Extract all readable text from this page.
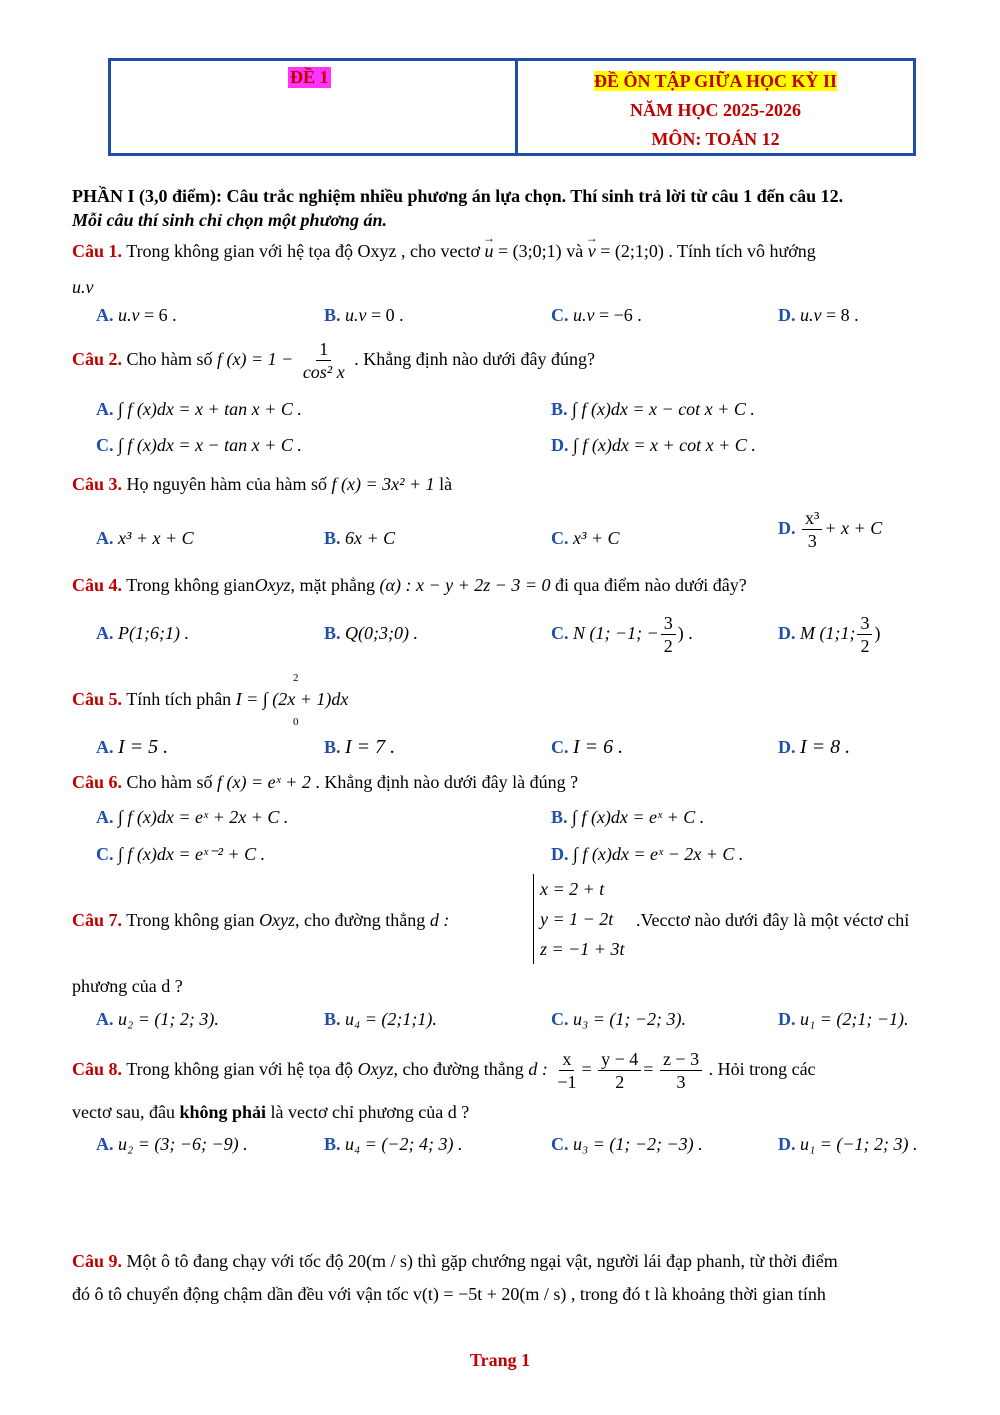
ĐỀ 1	ĐỀ ÔN TẬP GIỮA HỌC KỲ II
NĂM HỌC 2025-2026
MÔN: TOÁN 12
PHẦN I (3,0 điểm): Câu trắc nghiệm nhiều phương án lựa chọn. Thí sinh trả lời từ câu 1 đến câu 12.
Mỗi câu thí sinh chỉ chọn một phương án.
Câu 1. Trong không gian với hệ tọa độ Oxyz , cho vectơ → u = (3;0;1) và → v = (2;1;0) . Tính tích vô hướng
u.v
A. u.v = 6 .	B. u.v = 0 .	C. u.v = −6 .	D. u.v = 8 .
Câu 2. Cho hàm số f $(x) = 1 - \frac{1}{\text{cos² x}}$ . Khẳng định nào dưới đây đúng?
A. ∫ f (x)dx = x + tan x + C .	B. ∫ f (x)dx = x − cot x + C .
C. ∫ f (x)dx = x − tan x + C .	D. ∫ f (x)dx = x + cot x + C .
Câu 3. Họ nguyên hàm của hàm số f (x) = 3x² + 1 là
A. x³ + x + C	B. 6x + C	C. x³ + C	D. $\frac{\text{x³}}{3} + x + C$
Câu 4. Trong không gianOxyz, mặt phẳng (α) : x − y + 2z − 3 = 0 đi qua điểm nào dưới đây?
A. P(1;6;1) .	B. Q(0;3;0) .	C. N (1; −1; − $\frac{3}{2}$ ) .	D. M (1;1; $\frac{3}{2}$ )
Câu 5. Tính tích phân I = ∫ (2x + 1)dx
2
0
A. I = 5 .	B. I = 7 .	C. I = 6 .	D. I = 8 .
Câu 6. Cho hàm số f (x) = eˣ + 2 . Khẳng định nào dưới đây là đúng ?
A. ∫ f (x)dx = eˣ + 2x + C .	B. ∫ f (x)dx = eˣ + C .
C. ∫ f (x)dx = eˣ⁻² + C .	D. ∫ f (x)dx = eˣ − 2x + C .
Câu 7. Trong không gian Oxyz, cho đường thẳng d :
x = 2 + t
y = 1 − 2t
z = −1 + 3t
.Vecctơ nào dưới đây là một véctơ chỉ
phương của d ?
A. u₂ = (1; 2; 3).	B. u₄ = (2;1;1).	C. u₃ = (1; −2; 3).	D. u₁ = (2;1; −1).
Câu 8. Trong không gian với hệ tọa độ Oxyz, cho đường thẳng d : $\frac{x}{-1} = \frac{y - 4}{2} = \frac{z - 3}{3}$ . Hỏi trong các
vectơ sau, đâu không phải là vectơ chỉ phương của d ?
A. u₂ = (3; −6; −9) .	B. u₄ = (−2; 4; 3) .	C. u₃ = (1; −2; −3) .	D. u₁ = (−1; 2; 3) .
Câu 9. Một ô tô đang chạy với tốc độ 20(m / s) thì gặp chướng ngại vật, người lái đạp phanh, từ thời điểm
đó ô tô chuyển động chậm dần đều với vận tốc v(t) = −5t + 20(m / s) , trong đó t là khoảng thời gian tính
Trang 1
